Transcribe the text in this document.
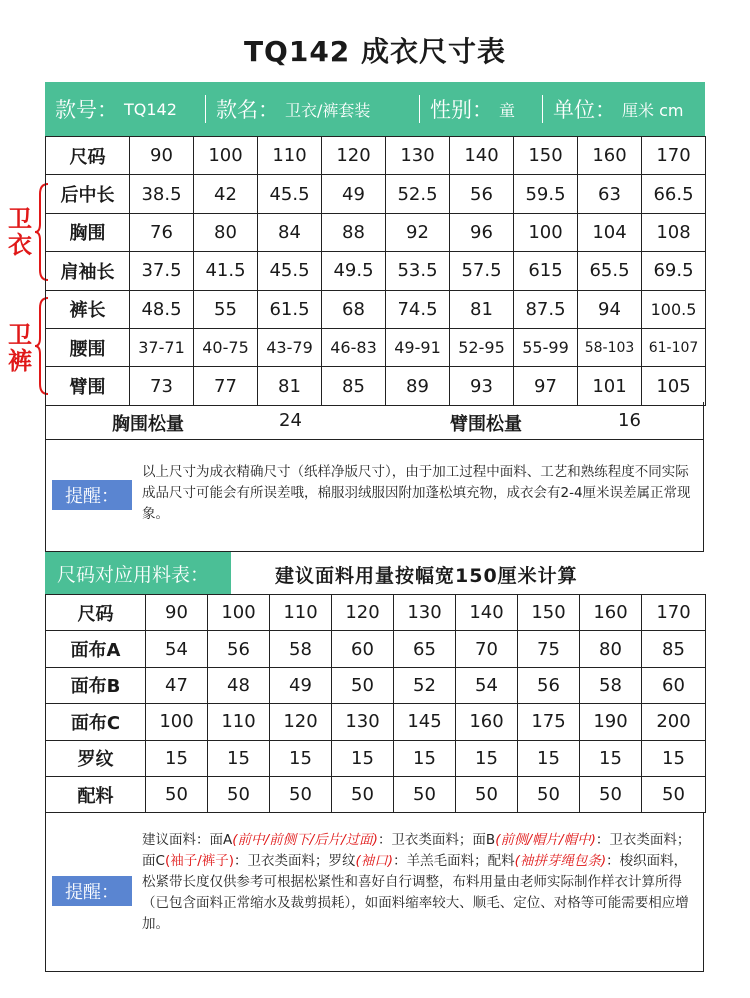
TQ142 成衣尺寸表
款号： TQ142 款名： 卫衣/裤套装	性别： 童 单位： 厘米 cm
卫
衣
卫
裤
尺码	90	100	110	120	130	140	150	160	170
后中长	38.5	42	45.5	49	52.5	56	59.5	63	66.5
胸围	76	80	84	88	92	96	100	104	108
肩袖长	37.5	41.5	45.5	49.5	53.5	57.5	615	65.5	69.5
裤长	48.5	55	61.5	68	74.5	81	87.5	94	100.5
腰围	37-71	40-75	43-79	46-83	49-91	52-95	55-99	58-103	61-107
臂围	73	77	81	85	89	93	97	101	105
胸围松量	24	臂围松量	16
提醒：
以上尺寸为成衣精确尺寸（纸样净版尺寸），由于加工过程中面料、工艺和熟练程度不同实际成品尺寸可能会有所误差哦，棉服羽绒服因附加蓬松填充物，成衣会有2-4厘米误差属正常现象。
尺码对应用料表：	建议面料用量按幅宽150厘米计算
尺码	90	100	110	120	130	140	150	160	170
面布A	54	56	58	60	65	70	75	80	85
面布B	47	48	49	50	52	54	56	58	60
面布C	100	110	120	130	145	160	175	190	200
罗纹	15	15	15	15	15	15	15	15	15
配料	50	50	50	50	50	50	50	50	50
提醒：
建议面料：面A(前中/前侧下/后片/过面)：卫衣类面料；面B(前侧/帽片/帽中)：卫衣类面料；面C(袖子/裤子)：卫衣类面料；罗纹(袖口)：羊羔毛面料；配料(袖拼芽绳包条)：梭织面料，松紧带长度仅供参考可根据松紧性和喜好自行调整，布料用量由老师实际制作样衣计算所得（已包含面料正常缩水及裁剪损耗），如面料缩率较大、顺毛、定位、对格等可能需要相应增加。
